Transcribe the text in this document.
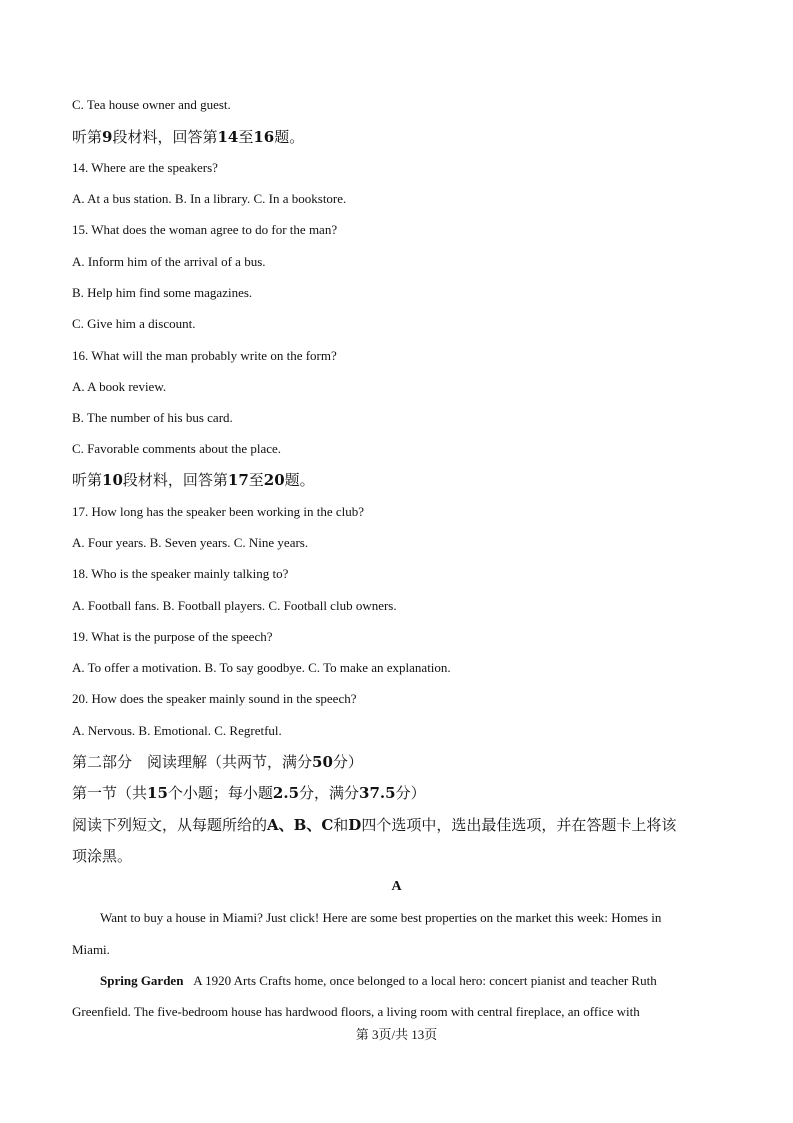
C. Tea house owner and guest.
听第9段材料，回答第14至16题。
14. Where are the speakers?
A. At a bus station. B. In a library. C. In a bookstore.
15. What does the woman agree to do for the man?
A. Inform him of the arrival of a bus.
B. Help him find some magazines.
C. Give him a discount.
16. What will the man probably write on the form?
A. A book review.
B. The number of his bus card.
C. Favorable comments about the place.
听第10段材料，回答第17至20题。
17. How long has the speaker been working in the club?
A. Four years. B. Seven years. C. Nine years.
18. Who is the speaker mainly talking to?
A. Football fans. B. Football players. C. Football club owners.
19. What is the purpose of the speech?
A. To offer a motivation. B. To say goodbye. C. To make an explanation.
20. How does the speaker mainly sound in the speech?
A. Nervous. B. Emotional. C. Regretful.
第二部分　阅读理解（共两节，满分50分）
第一节（共15个小题；每小题2.5分，满分37.5分）
阅读下列短文，从每题所给的A、B、C和D四个选项中，选出最佳选项，并在答题卡上将该
项涂黑。
A
Want to buy a house in Miami? Just click! Here are some best properties on the market this week: Homes in
Miami.
Spring Garden A 1920 Arts Crafts home, once belonged to a local hero: concert pianist and teacher Ruth
Greenfield. The five-bedroom house has hardwood floors, a living room with central fireplace, an office with
第 3页/共 13页
